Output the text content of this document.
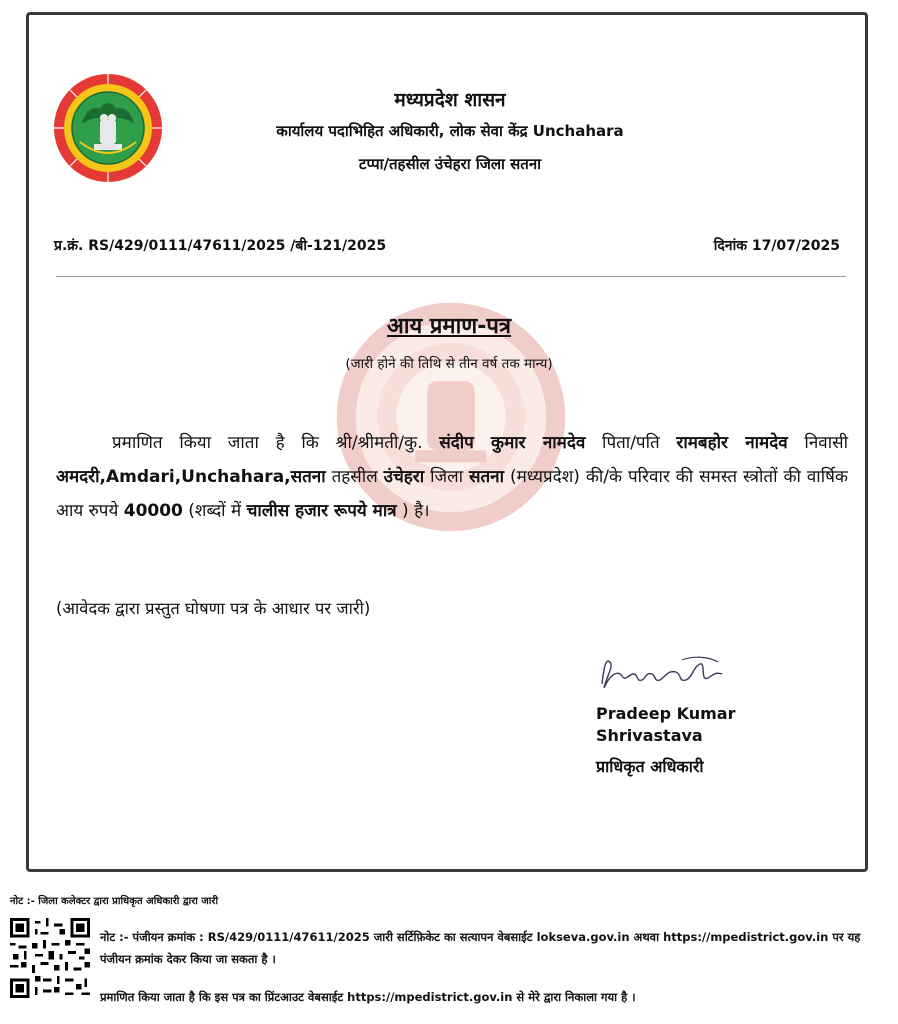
मध्यप्रदेश शासन
कार्यालय पदाभिहित अधिकारी, लोक सेवा केंद्र Unchahara
टप्पा/तहसील उंचेहरा जिला सतना
प्र.क्रं. RS/429/0111/47611/2025 /बी-121/2025	दिनांक 17/07/2025
आय प्रमाण-पत्र
(जारी होने की तिथि से तीन वर्ष तक मान्य)
प्रमाणित किया जाता है कि श्री/श्रीमती/कु. संदीप कुमार नामदेव पिता/पति रामबहोर नामदेव निवासी अमदरी,Amdari,Unchahara,सतना तहसील उंचेहरा जिला सतना (मध्यप्रदेश) की/के परिवार की समस्त स्त्रोतों की वार्षिक आय रुपये 40000 (शब्दों में चालीस हजार रूपये मात्र ) है।
(आवेदक द्वारा प्रस्तुत घोषणा पत्र के आधार पर जारी)
Pradeep Kumar
Shrivastava
प्राधिकृत अधिकारी
नोट :- जिला कलेक्टर द्वारा प्राधिकृत अधिकारी द्वारा जारी
नोट :- पंजीयन क्रमांक : RS/429/0111/47611/2025 जारी सर्टिफ़िकेट का सत्यापन वेबसाईट lokseva.gov.in अथवा https://mpedistrict.gov.in पर यह पंजीयन क्रमांक देकर किया जा सकता है ।
प्रमाणित किया जाता है कि इस पत्र का प्रिंटआउट वेबसाईट https://mpedistrict.gov.in से मेरे द्वारा निकाला गया है ।
